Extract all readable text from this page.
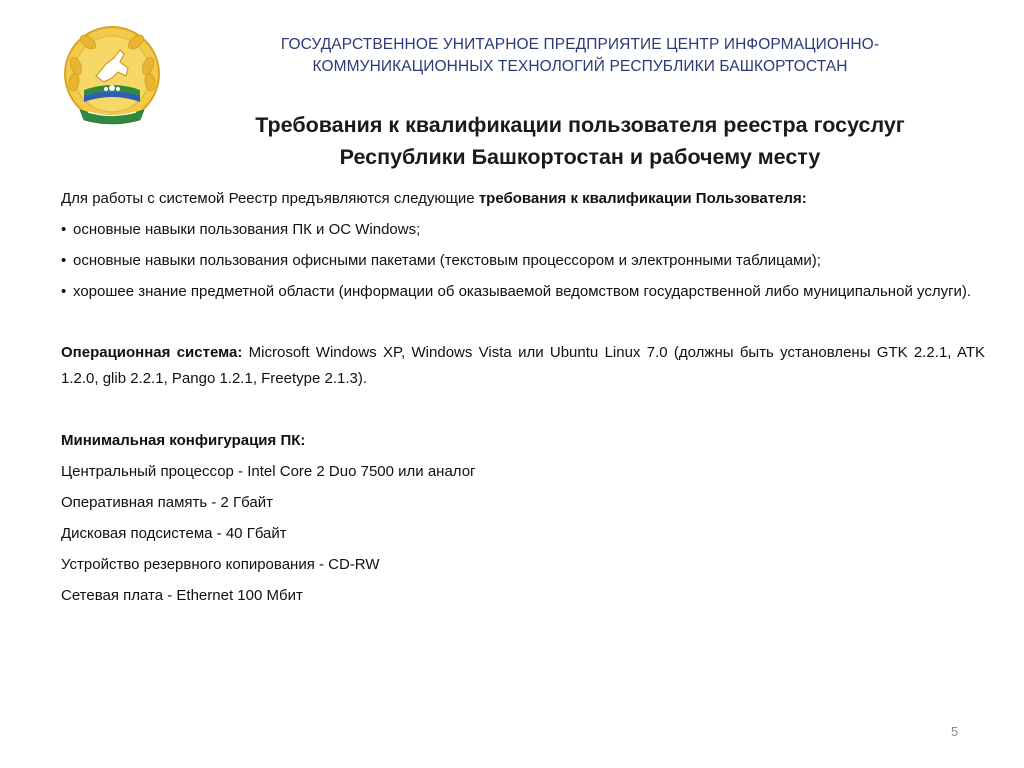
ГОСУДАРСТВЕННОЕ УНИТАРНОЕ ПРЕДПРИЯТИЕ ЦЕНТР ИНФОРМАЦИОННО-
КОММУНИКАЦИОННЫХ ТЕХНОЛОГИЙ РЕСПУБЛИКИ БАШКОРТОСТАН
Требования к квалификации пользователя реестра госуслуг
Республики Башкортостан и рабочему месту

Для работы с системой Реестр предъявляются следующие требования к квалификации Пользователя:

• основные навыки пользования ПК и ОС Windows;

• основные навыки пользования офисными пакетами (текстовым процессором и электронными таблицами);

• хорошее знание предметной области (информации об оказываемой ведомством государственной либо муниципальной услуги).

Операционная система: Microsoft Windows XP, Windows Vista или Ubuntu Linux 7.0 (должны быть установлены GTK 2.2.1, ATK 1.2.0, glib 2.2.1, Pango 1.2.1, Freetype 2.1.3).

Минимальная конфигурация ПК:

Центральный процессор - Intel Core 2 Duo 7500 или аналог

Оперативная память - 2 Гбайт

Дисковая подсистема - 40 Гбайт

Устройство резервного копирования - CD-RW

Сетевая плата - Ethernet 100 Мбит

5
